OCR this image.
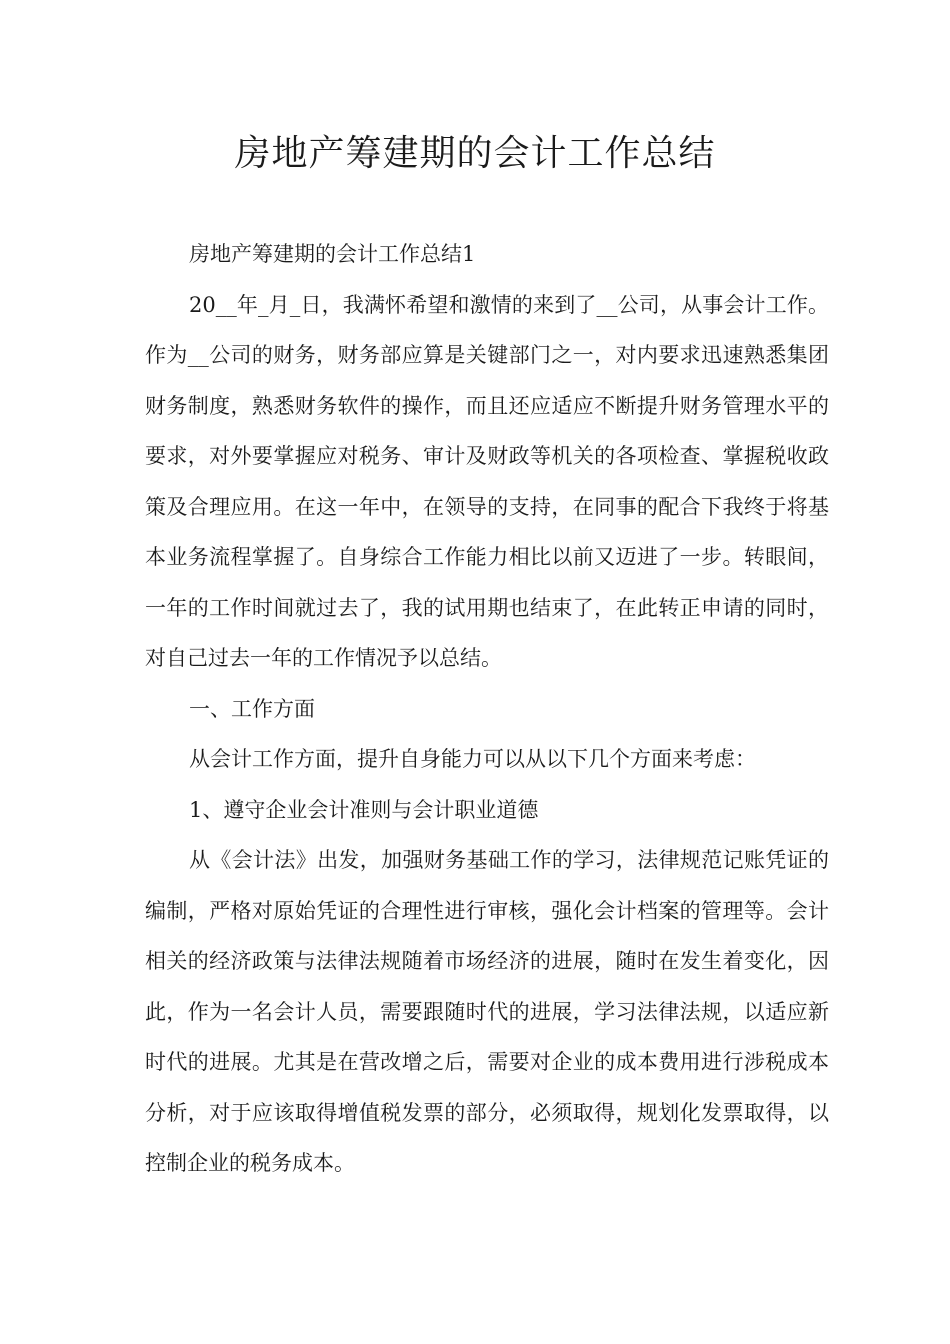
房地产筹建期的会计工作总结

房地产筹建期的会计工作总结1

20__年_月_日，我满怀希望和激情的来到了__公司，从事会计工作。作为__公司的财务，财务部应算是关键部门之一，对内要求迅速熟悉集团财务制度，熟悉财务软件的操作，而且还应适应不断提升财务管理水平的要求，对外要掌握应对税务、审计及财政等机关的各项检查、掌握税收政策及合理应用。在这一年中，在领导的支持，在同事的配合下我终于将基本业务流程掌握了。自身综合工作能力相比以前又迈进了一步。转眼间，一年的工作时间就过去了，我的试用期也结束了，在此转正申请的同时，对自己过去一年的工作情况予以总结。

一、工作方面

从会计工作方面，提升自身能力可以从以下几个方面来考虑：

1、遵守企业会计准则与会计职业道德

从《会计法》出发，加强财务基础工作的学习，法律规范记账凭证的编制，严格对原始凭证的合理性进行审核，强化会计档案的管理等。会计相关的经济政策与法律法规随着市场经济的进展，随时在发生着变化，因此，作为一名会计人员，需要跟随时代的进展，学习法律法规，以适应新时代的进展。尤其是在营改增之后，需要对企业的成本费用进行涉税成本分析，对于应该取得增值税发票的部分，必须取得，规划化发票取得，以控制企业的税务成本。
